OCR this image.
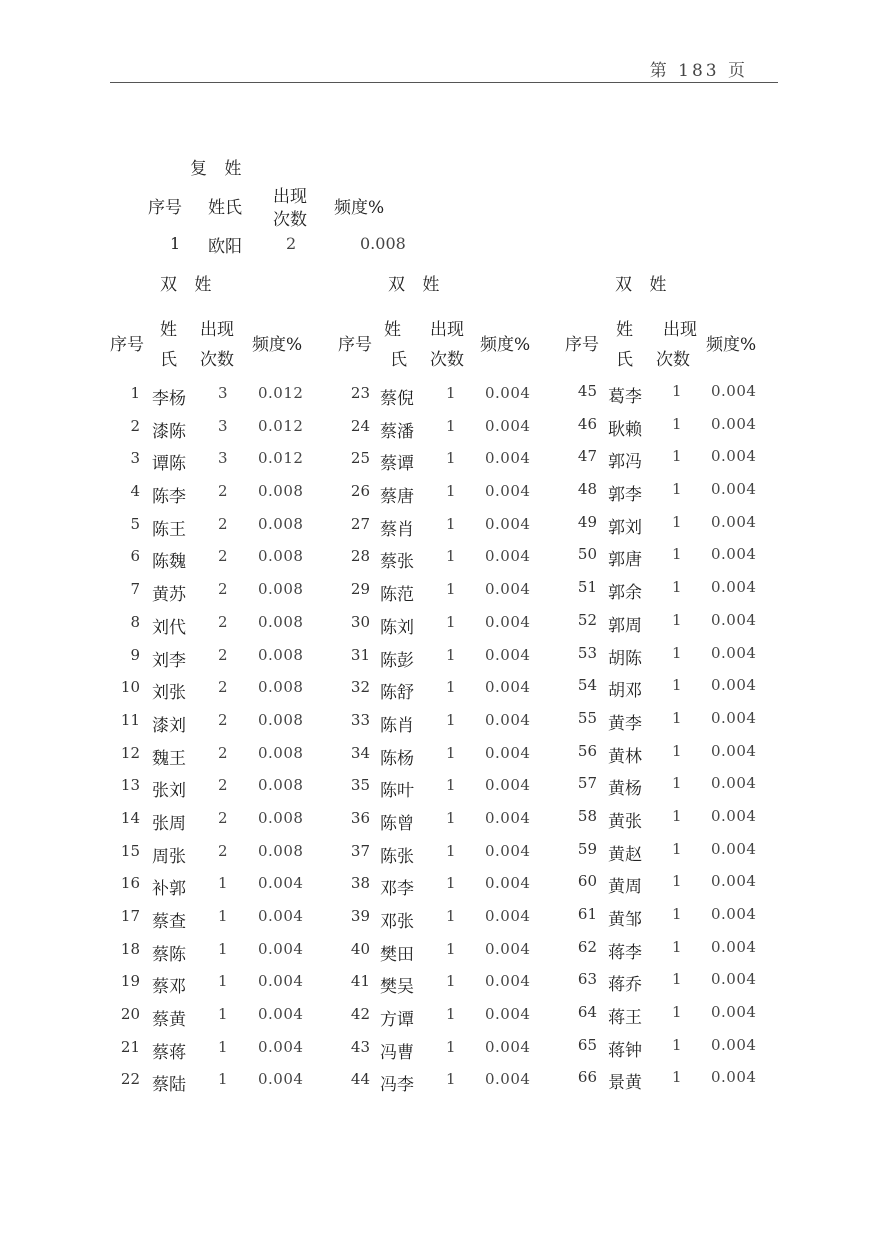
第 183 页
复 姓
序号 姓氏
出现
次数
频度%
1 欧阳	2	0.008
双 姓
序号
姓
氏
出现
次数
频度%
双 姓
序号
姓
氏
出现
次数
频度%
双 姓
序号
姓
氏
出现
次数
频度%
1 李杨 3 0.012
2 漆陈 3 0.012
3 谭陈 3 0.012
4 陈李 2 0.008
5 陈王 2 0.008
6 陈魏 2 0.008
7 黄苏 2 0.008
8 刘代 2 0.008
9 刘李 2 0.008
10 刘张 2 0.008
11 漆刘 2 0.008
12 魏王 2 0.008
13 张刘 2 0.008
14 张周 2 0.008
15 周张 2 0.008
16 补郭 1 0.004
17 蔡查 1 0.004
18 蔡陈 1 0.004
19 蔡邓 1 0.004
20 蔡黄 1 0.004
21 蔡蒋 1 0.004
22 蔡陆 1 0.004
23 蔡倪 1 0.004
24 蔡潘 1 0.004
25 蔡谭 1 0.004
26 蔡唐 1 0.004
27 蔡肖 1 0.004
28 蔡张 1 0.004
29 陈范 1 0.004
30 陈刘 1 0.004
31 陈彭 1 0.004
32 陈舒 1 0.004
33 陈肖 1 0.004
34 陈杨 1 0.004
35 陈叶 1 0.004
36 陈曾 1 0.004
37 陈张 1 0.004
38 邓李 1 0.004
39 邓张 1 0.004
40 樊田 1 0.004
41 樊吴 1 0.004
42 方谭 1 0.004
43 冯曹 1 0.004
44 冯李 1 0.004
45 葛李 1 0.004
46 耿赖 1 0.004
47 郭冯 1 0.004
48 郭李 1 0.004
49 郭刘 1 0.004
50 郭唐 1 0.004
51 郭余 1 0.004
52 郭周 1 0.004
53 胡陈 1 0.004
54 胡邓 1 0.004
55 黄李 1 0.004
56 黄林 1 0.004
57 黄杨 1 0.004
58 黄张 1 0.004
59 黄赵 1 0.004
60 黄周 1 0.004
61 黄邹 1 0.004
62 蒋李 1 0.004
63 蒋乔 1 0.004
64 蒋王 1 0.004
65 蒋钟 1 0.004
66 景黄 1 0.004
